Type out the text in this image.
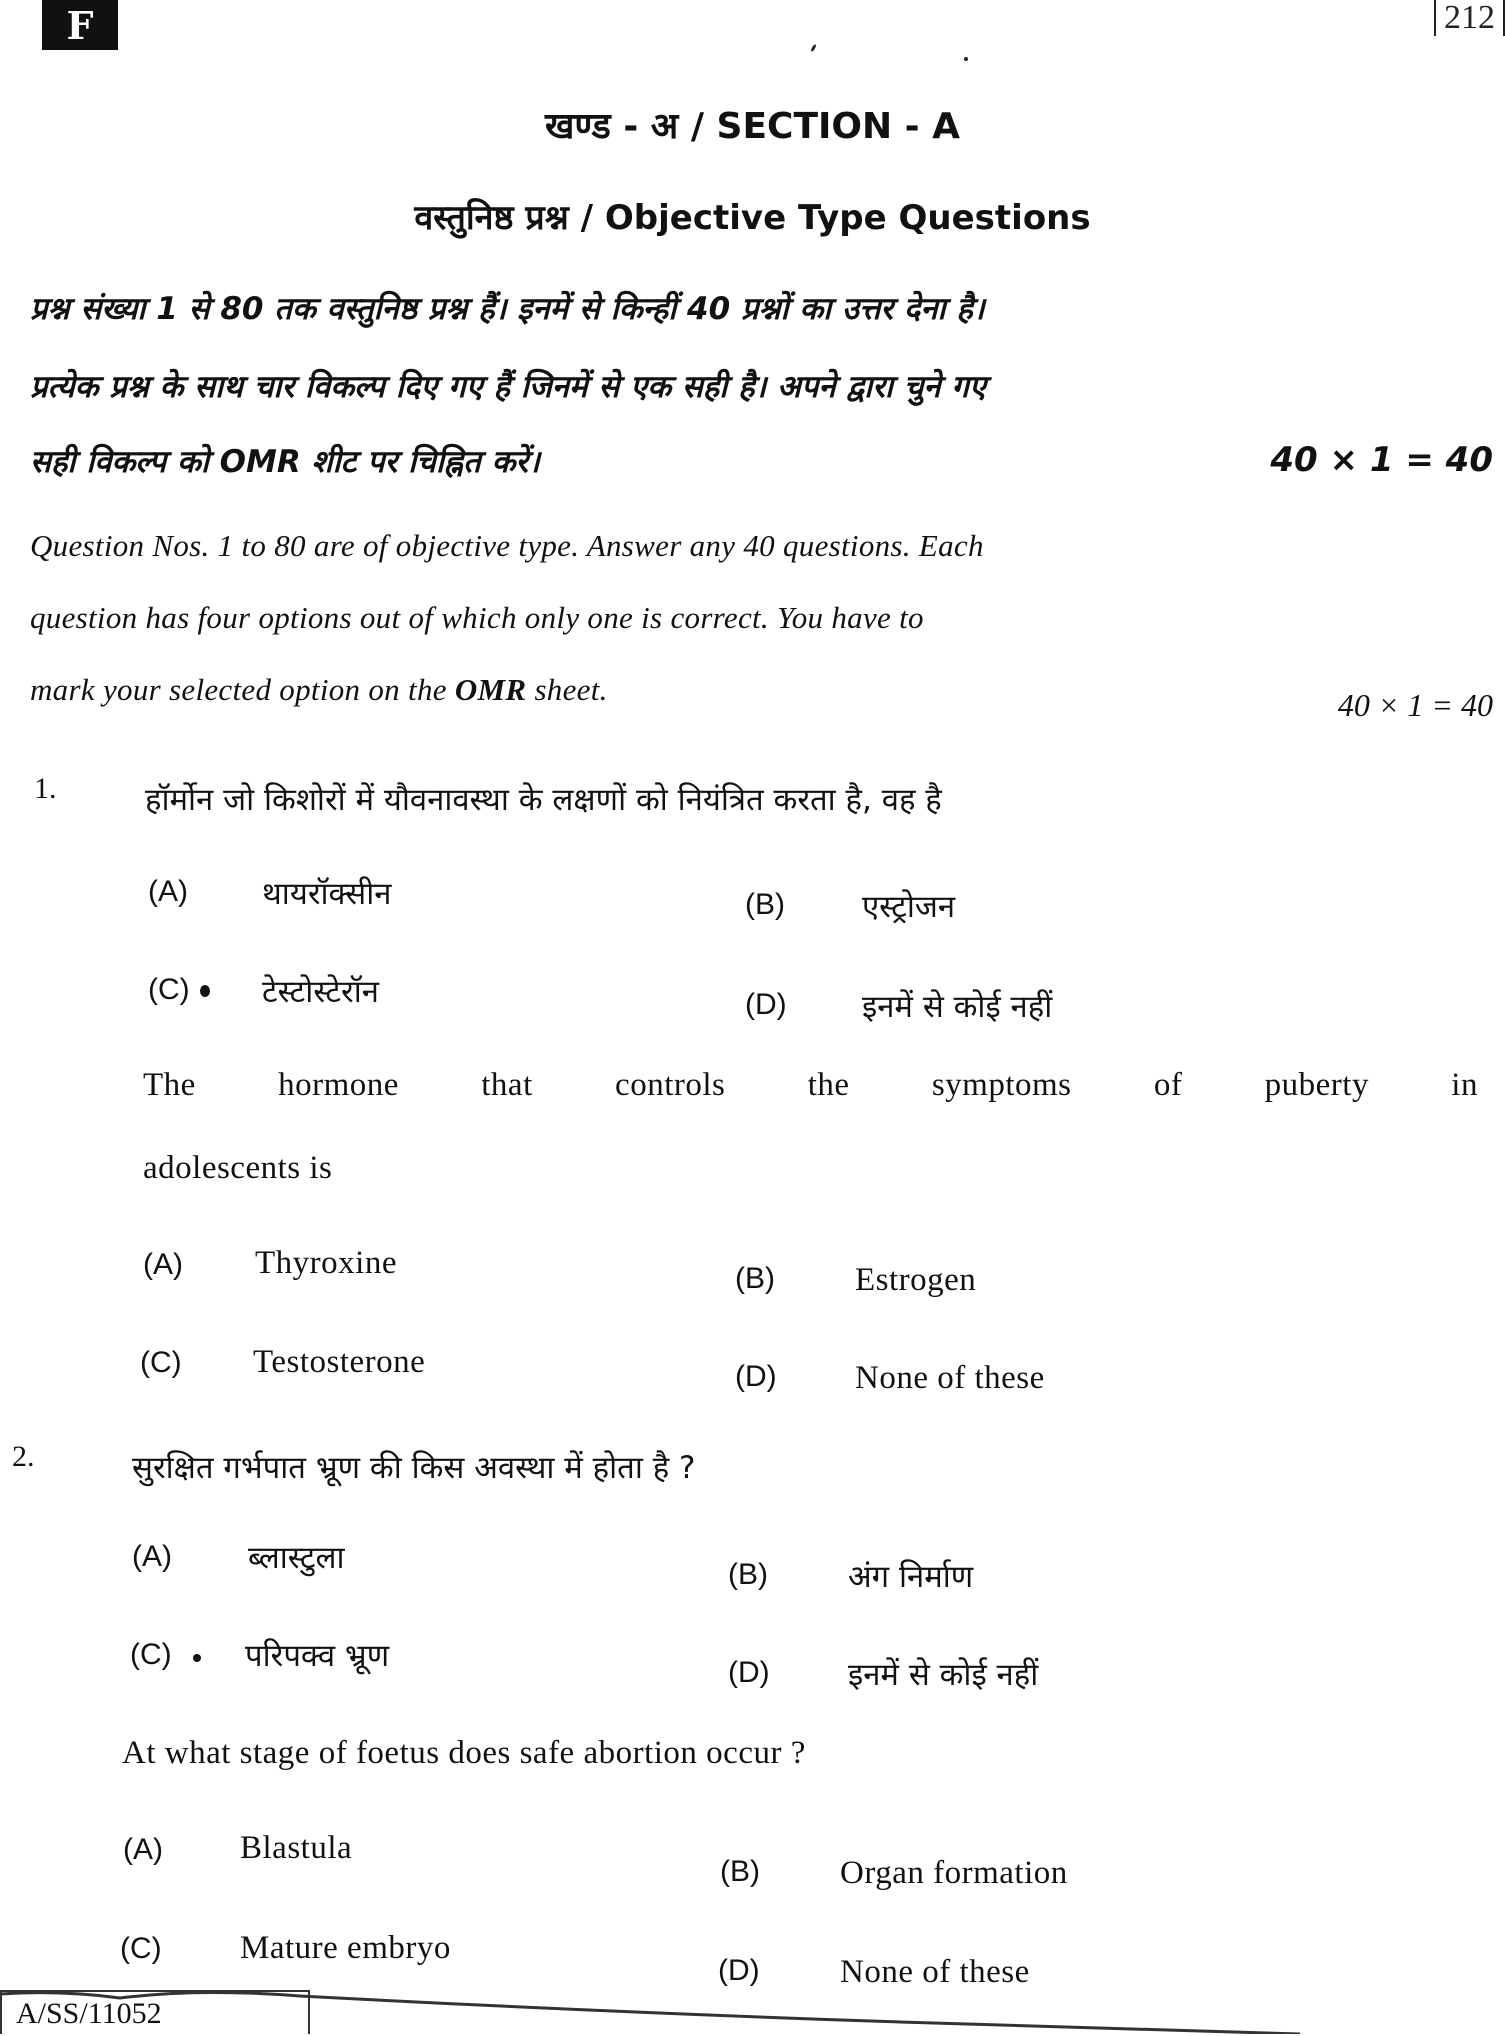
F	212
खण्ड - अ / SECTION - A
वस्तुनिष्ठ प्रश्न / Objective Type Questions
प्रश्न संख्या 1 से 80 तक वस्तुनिष्ठ प्रश्न हैं। इनमें से किन्हीं 40 प्रश्नों का उत्तर देना है।
प्रत्येक प्रश्न के साथ चार विकल्प दिए गए हैं जिनमें से एक सही है। अपने द्वारा चुने गए
सही विकल्प को OMR शीट पर चिह्नित करें।	40 × 1 = 40
Question Nos. 1 to 80 are of objective type. Answer any 40 questions. Each
question has four options out of which only one is correct. You have to
mark your selected option on the OMR sheet.	40 × 1 = 40
1.	हॉर्मोन जो किशोरों में यौवनावस्था के लक्षणों को नियंत्रित करता है, वह है
(A) थायरॉक्सीन	(B) एस्ट्रोजन
(C) टेस्टोस्टेरॉन	(D) इनमें से कोई नहीं
The hormone that controls the symptoms of puberty in
adolescents is
(A) Thyroxine	(B) Estrogen
(C) Testosterone	(D) None of these
2.	सुरक्षित गर्भपात भ्रूण की किस अवस्था में होता है ?
(A) ब्लास्टुला	(B)	अंग निर्माण
(C) परिपक्व भ्रूण	(D)	इनमें से कोई नहीं
At what stage of foetus does safe abortion occur ?
(A) Blastula
(B) Organ formation
(C) Mature embryo
(D) None of these
A/SS/11052
